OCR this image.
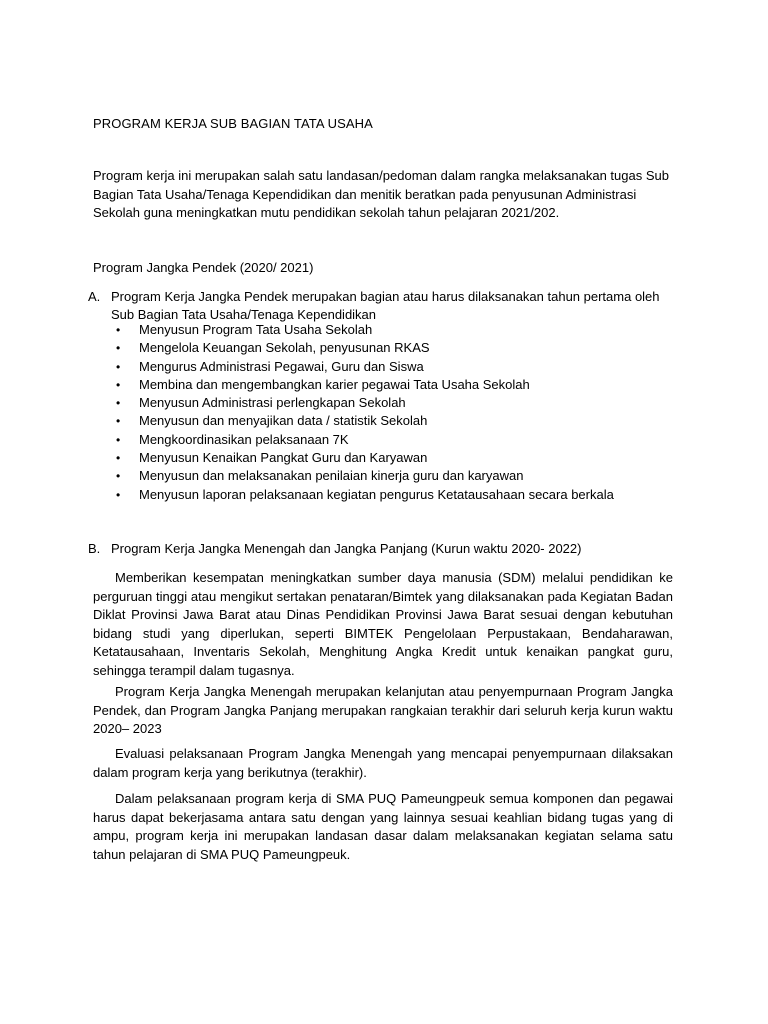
PROGRAM KERJA SUB BAGIAN TATA USAHA
Program kerja ini merupakan salah satu landasan/pedoman dalam rangka melaksanakan tugas Sub
Bagian Tata Usaha/Tenaga Kependidikan dan menitik beratkan pada penyusunan Administrasi
Sekolah guna meningkatkan mutu pendidikan sekolah tahun pelajaran 2021/202.
Program Jangka Pendek (2020/ 2021)
A. Program Kerja Jangka Pendek merupakan bagian atau harus dilaksanakan tahun pertama oleh
Sub Bagian Tata Usaha/Tenaga Kependidikan
• Menyusun Program Tata Usaha Sekolah
• Mengelola Keuangan Sekolah, penyusunan RKAS
• Mengurus Administrasi Pegawai, Guru dan Siswa
• Membina dan mengembangkan karier pegawai Tata Usaha Sekolah
• Menyusun Administrasi perlengkapan Sekolah
• Menyusun dan menyajikan data / statistik Sekolah
• Mengkoordinasikan pelaksanaan 7K
• Menyusun Kenaikan Pangkat Guru dan Karyawan
• Menyusun dan melaksanakan penilaian kinerja guru dan karyawan
• Menyusun laporan pelaksanaan kegiatan pengurus Ketatausahaan secara berkala
B. Program Kerja Jangka Menengah dan Jangka Panjang (Kurun waktu 2020- 2022)
Memberikan kesempatan meningkatkan sumber daya manusia (SDM) melalui pendidikan ke perguruan tinggi atau mengikut sertakan penataran/Bimtek yang dilaksanakan pada Kegiatan Badan Diklat Provinsi Jawa Barat atau Dinas Pendidikan Provinsi Jawa Barat sesuai dengan kebutuhan bidang studi yang diperlukan, seperti BIMTEK Pengelolaan Perpustakaan, Bendaharawan, Ketatausahaan, Inventaris Sekolah, Menghitung Angka Kredit untuk kenaikan pangkat guru, sehingga terampil dalam tugasnya.
Program Kerja Jangka Menengah merupakan kelanjutan atau penyempurnaan Program Jangka Pendek, dan Program Jangka Panjang merupakan rangkaian terakhir dari seluruh kerja kurun waktu 2020– 2023
Evaluasi pelaksanaan Program Jangka Menengah yang mencapai penyempurnaan dilaksakan dalam program kerja yang berikutnya (terakhir).
Dalam pelaksanaan program kerja di SMA PUQ Pameungpeuk semua komponen dan pegawai harus dapat bekerjasama antara satu dengan yang lainnya sesuai keahlian bidang tugas yang di ampu, program kerja ini merupakan landasan dasar dalam melaksanakan kegiatan selama satu tahun pelajaran di SMA PUQ Pameungpeuk.
